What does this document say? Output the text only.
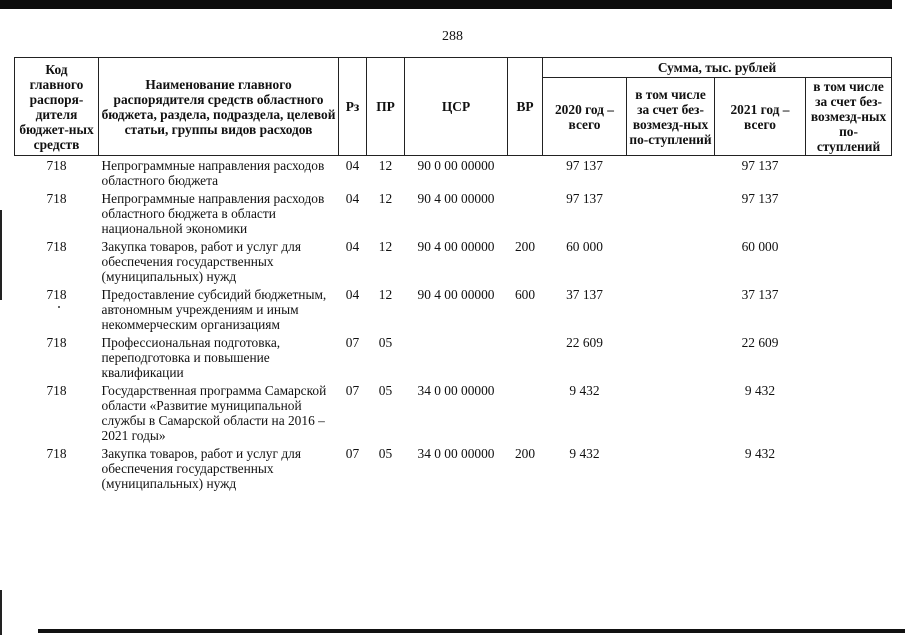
288
Код главного распоря-дителя бюджет-ных средств	Наименование главного распорядителя средств областного бюджета, раздела, подраздела, целевой статьи, группы видов расходов	Рз	ПР	ЦСР	ВР	Сумма, тыс. рублей			
						2020 год – всего	в том числе за счет без-возмезд-ных по-ступлений	2021 год – всего	в том числе за счет без-возмезд-ных по-ступлений
718	Непрограммные направления расходов областного бюджета	04	12	90 0 00 00000		97 137		97 137	
718	Непрограммные направления расходов областного бюджета в области национальной экономики	04	12	90 4 00 00000		97 137		97 137	
718	Закупка товаров, работ и услуг для обеспечения государственных (муниципальных) нужд	04	12	90 4 00 00000	200	60 000		60 000	
718	Предоставление субсидий бюджетным, автономным учреждениям и иным некоммерческим организациям	04	12	90 4 00 00000	600	37 137		37 137	
718	Профессиональная подготовка, переподготовка и повышение квалификации	07	05			22 609		22 609	
718	Государственная программа Самарской области «Развитие муниципальной службы в Самарской области на 2016 – 2021 годы»	07	05	34 0 00 00000		9 432		9 432	
718	Закупка товаров, работ и услуг для обеспечения государственных (муниципальных) нужд	07	05	34 0 00 00000	200	9 432		9 432	
